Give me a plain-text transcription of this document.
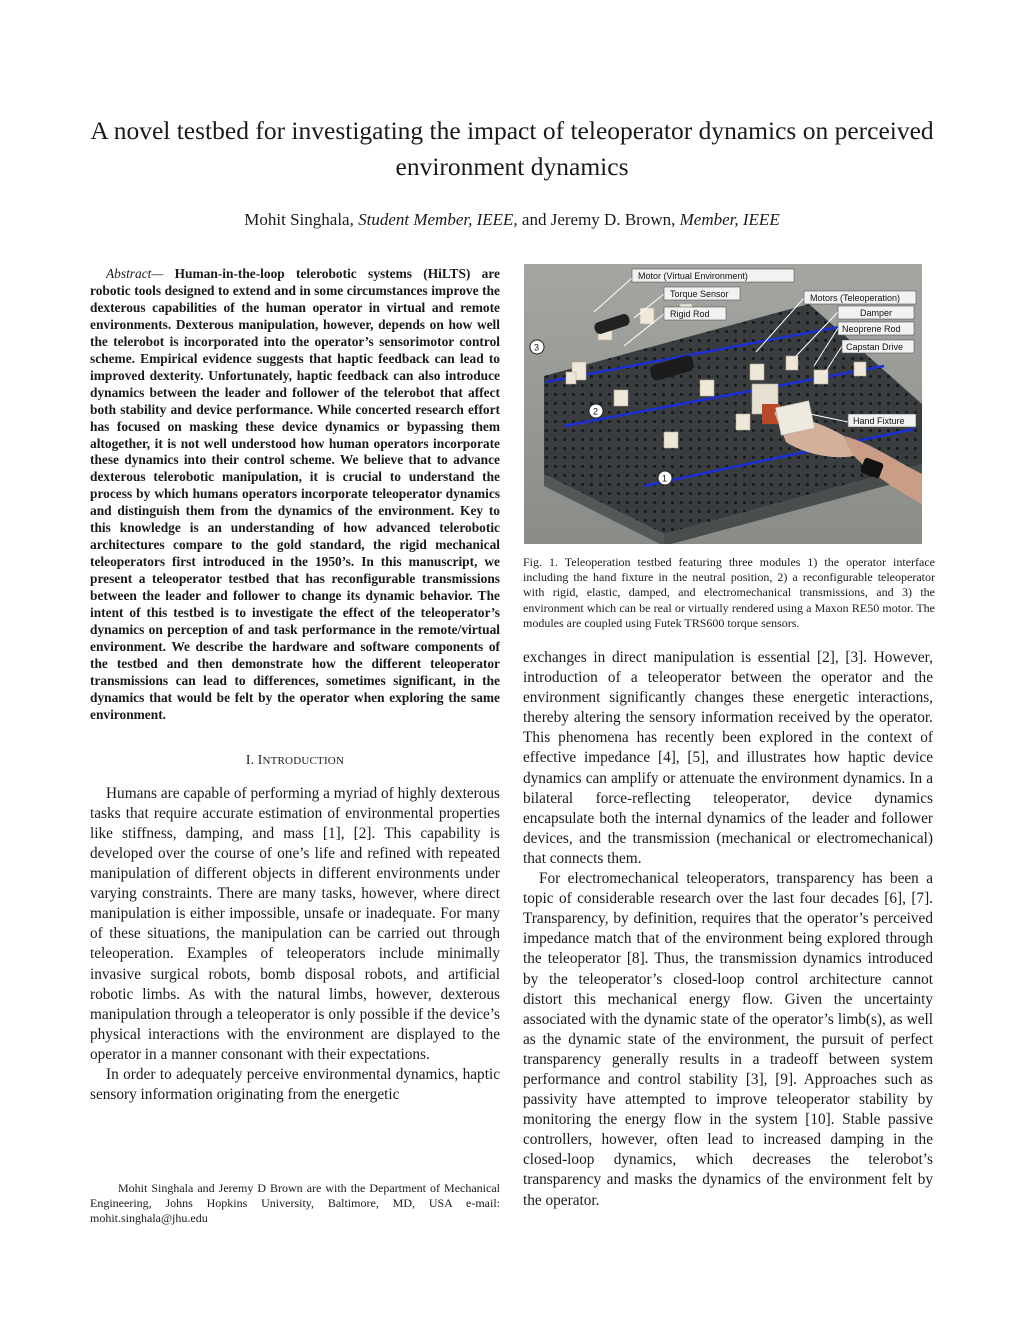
A novel testbed for investigating the impact of teleoperator dynamics on perceived environment dynamics
Mohit Singhala, Student Member, IEEE, and Jeremy D. Brown, Member, IEEE

Abstract— Human-in-the-loop telerobotic systems (HiLTS) are robotic tools designed to extend and in some circumstances improve the dexterous capabilities of the human operator in virtual and remote environments. Dexterous manipulation, however, depends on how well the telerobot is incorporated into the operator’s sensorimotor control scheme. Empirical evidence suggests that haptic feedback can lead to improved dexterity. Unfortunately, haptic feedback can also introduce dynamics between the leader and follower of the telerobot that affect both stability and device performance. While concerted research effort has focused on masking these device dynamics or bypassing them altogether, it is not well understood how human operators incorporate these dynamics into their control scheme. We believe that to advance dexterous telerobotic manipulation, it is crucial to understand the process by which humans operators incorporate teleoperator dynamics and distinguish them from the dynamics of the environment. Key to this knowledge is an understanding of how advanced telerobotic architectures compare to the gold standard, the rigid mechanical teleoperators first introduced in the 1950’s. In this manuscript, we present a teleoperator testbed that has reconfigurable transmissions between the leader and follower to change its dynamic behavior. The intent of this testbed is to investigate the effect of the teleoperator’s dynamics on perception of and task performance in the remote/virtual environment. We describe the hardware and software components of the testbed and then demonstrate how the different teleoperator transmissions can lead to differences, sometimes significant, in the dynamics that would be felt by the operator when exploring the same environment.

I. INTRODUCTION

Humans are capable of performing a myriad of highly dexterous tasks that require accurate estimation of environmental properties like stiffness, damping, and mass [1], [2]. This capability is developed over the course of one’s life and refined with repeated manipulation of different objects in different environments under varying constraints. There are many tasks, however, where direct manipulation is either impossible, unsafe or inadequate. For many of these situations, the manipulation can be carried out through teleoperation. Examples of teleoperators include minimally invasive surgical robots, bomb disposal robots, and artificial robotic limbs. As with the natural limbs, however, dexterous manipulation through a teleoperator is only possible if the device’s physical interactions with the environment are displayed to the operator in a manner consonant with their expectations.

In order to adequately perceive environmental dynamics, haptic sensory information originating from the energetic

Mohit Singhala and Jeremy D Brown are with the Department of Mechanical Engineering, Johns Hopkins University, Baltimore, MD, USA e-mail: mohit.singhala@jhu.edu
Motor (Virtual Environment)
Torque Sensor
Rigid Rod
Motors (Teleoperation)
Damper
Neoprene Rod
Capstan Drive
Hand Fixture
3
2
1

Fig. 1. Teleoperation testbed featuring three modules 1) the operator interface including the hand fixture in the neutral position, 2) a reconfigurable teleoperator with rigid, elastic, damped, and electromechanical transmissions, and 3) the environment which can be real or virtually rendered using a Maxon RE50 motor. The modules are coupled using Futek TRS600 torque sensors.

exchanges in direct manipulation is essential [2], [3]. However, introduction of a teleoperator between the operator and the environment significantly changes these energetic interactions, thereby altering the sensory information received by the operator. This phenomena has recently been explored in the context of effective impedance [4], [5], and illustrates how haptic device dynamics can amplify or attenuate the environment dynamics. In a bilateral force-reflecting teleoperator, device dynamics encapsulate both the internal dynamics of the leader and follower devices, and the transmission (mechanical or electromechanical) that connects them.

For electromechanical teleoperators, transparency has been a topic of considerable research over the last four decades [6], [7]. Transparency, by definition, requires that the operator’s perceived impedance match that of the environment being explored through the teleoperator [8]. Thus, the transmission dynamics introduced by the teleoperator’s closed-loop control architecture cannot distort this mechanical energy flow. Given the uncertainty associated with the dynamic state of the operator’s limb(s), as well as the dynamic state of the environment, the pursuit of perfect transparency generally results in a tradeoff between system performance and control stability [3], [9]. Approaches such as passivity have attempted to improve teleoperator stability by monitoring the energy flow in the system [10]. Stable passive controllers, however, often lead to increased damping in the closed-loop dynamics, which decreases the telerobot’s transparency and masks the dynamics of the environment felt by the operator.
